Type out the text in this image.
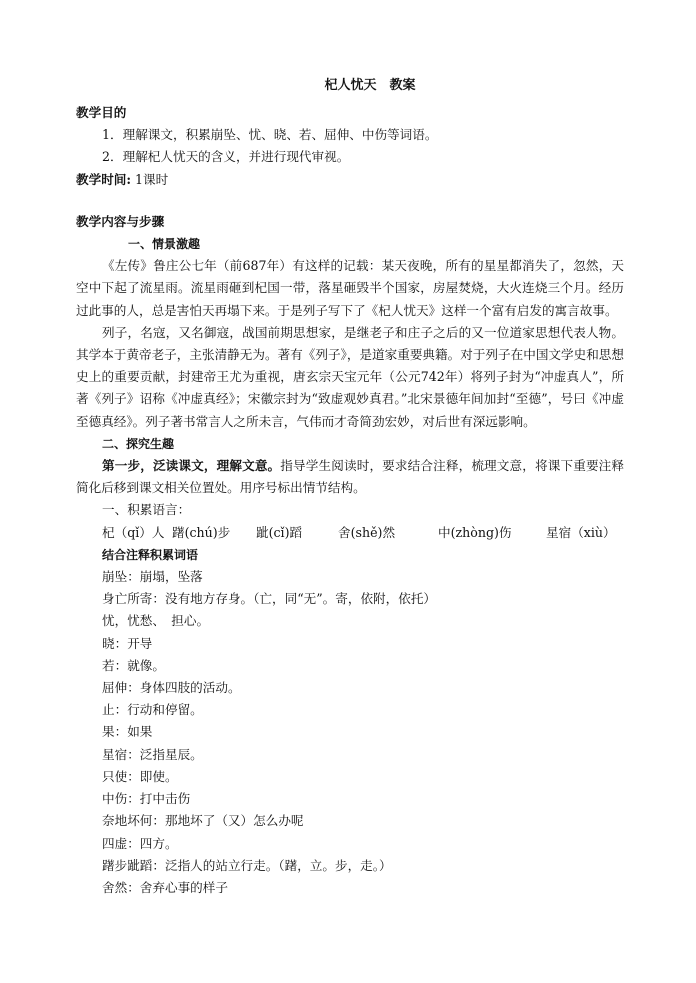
杞人忧天　教案

教学目的

1．理解课文，积累崩坠、忧、晓、若、屈伸、中伤等词语。

2．理解杞人忧天的含义，并进行现代审视。

教学时间: 1课时

教学内容与步骤

一、情景激趣

《左传》鲁庄公七年（前687年）有这样的记载：某天夜晚，所有的星星都消失了，忽然，天空中下起了流星雨。流星雨砸到杞国一带，落星砸毁半个国家，房屋焚烧，大火连烧三个月。经历过此事的人，总是害怕天再塌下来。于是列子写下了《杞人忧天》这样一个富有启发的寓言故事。

列子，名寇，又名御寇，战国前期思想家，是继老子和庄子之后的又一位道家思想代表人物。其学本于黄帝老子，主张清静无为。著有《列子》，是道家重要典籍。对于列子在中国文学史和思想史上的重要贡献，封建帝王尤为重视，唐玄宗天宝元年（公元742年）将列子封为“冲虚真人”，所著《列子》诏称《冲虚真经》；宋徽宗封为“致虚观妙真君。”北宋景德年间加封“至德”，号曰《冲虚至德真经》。列子著书常言人之所未言，气伟而才奇简劲宏妙，对后世有深远影响。

二、探究生趣

第一步，泛读课文，理解文意。指导学生阅读时，要求结合注释，梳理文意，将课下重要注释简化后移到课文相关位置处。用序号标出情节结构。

一、积累语言：

杞（qǐ）人 躇(chú)步 跐(cǐ)蹈	舍(shě)然	中(zhòng)伤	星宿（xiù）

结合注释积累词语

崩坠：崩塌，坠落

身亡所寄：没有地方存身。（亡，同“无”。寄，依附，依托）

忧，忧愁、　担心。

晓：开导

若：就像。

屈伸：身体四肢的活动。

止：行动和停留。

果：如果

星宿：泛指星辰。

只使：即使。

中伤：打中击伤

奈地坏何：那地坏了（又）怎么办呢

四虚：四方。

躇步跐蹈：泛指人的站立行走。（躇，立。步，走。）

舍然：舍弃心事的样子
